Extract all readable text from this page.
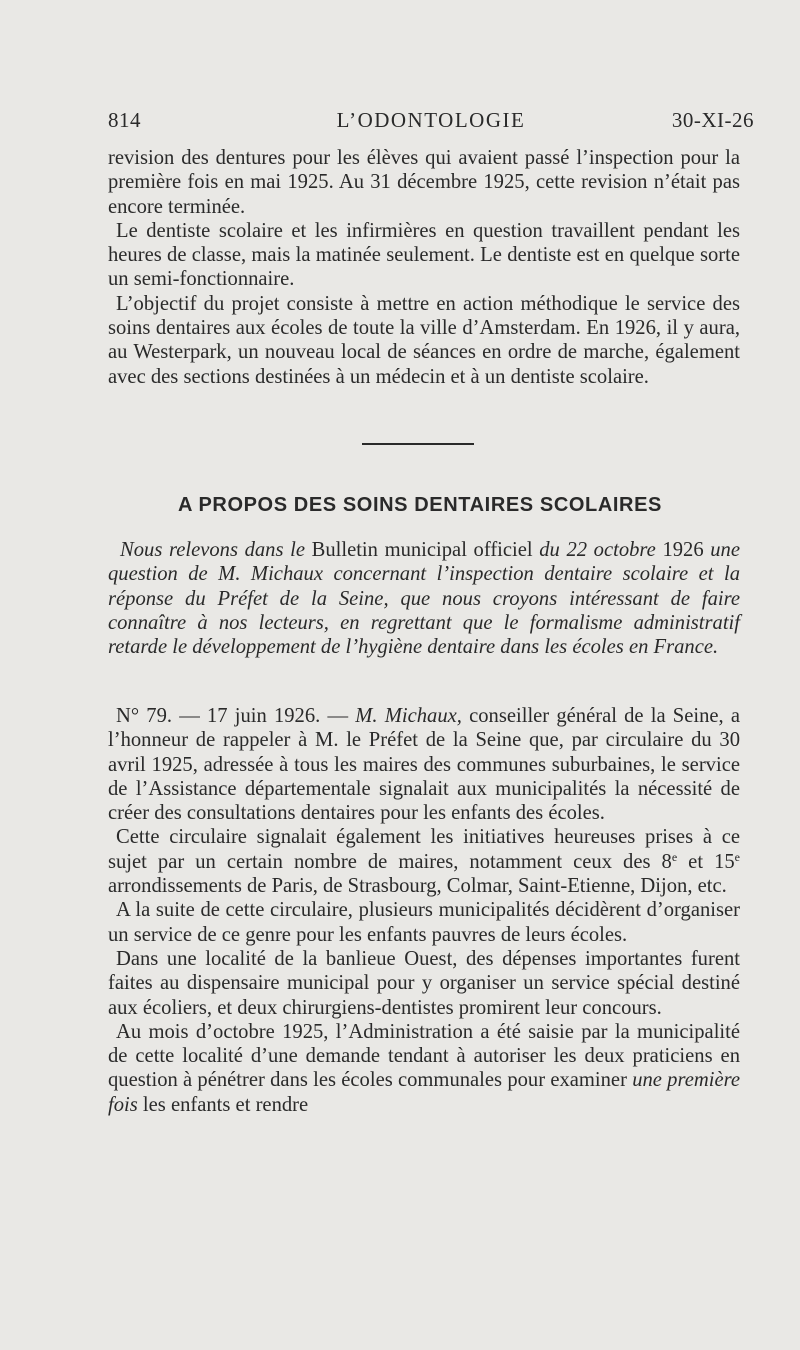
814	L’ODONTOLOGIE	30-XI-26

revision des dentures pour les élèves qui avaient passé l’inspection pour la première fois en mai 1925. Au 31 décembre 1925, cette revision n’était pas encore terminée.

Le dentiste scolaire et les infirmières en question travaillent pendant les heures de classe, mais la matinée seulement. Le dentiste est en quelque sorte un semi-fonctionnaire.

L’objectif du projet consiste à mettre en action méthodique le service des soins dentaires aux écoles de toute la ville d’Amsterdam. En 1926, il y aura, au Westerpark, un nouveau local de séances en ordre de marche, également avec des sections destinées à un médecin et à un dentiste scolaire.

A PROPOS DES SOINS DENTAIRES SCOLAIRES

Nous relevons dans le Bulletin municipal officiel du 22 octobre 1926 une question de M. Michaux concernant l’inspection dentaire scolaire et la réponse du Préfet de la Seine, que nous croyons intéressant de faire connaître à nos lecteurs, en regrettant que le formalisme administratif retarde le développement de l’hygiène dentaire dans les écoles en France.

N° 79. — 17 juin 1926. — M. Michaux, conseiller général de la Seine, a l’honneur de rappeler à M. le Préfet de la Seine que, par circulaire du 30 avril 1925, adressée à tous les maires des communes suburbaines, le service de l’Assistance départementale signalait aux municipalités la nécessité de créer des consultations dentaires pour les enfants des écoles.

Cette circulaire signalait également les initiatives heureuses prises à ce sujet par un certain nombre de maires, notamment ceux des 8e et 15e arrondissements de Paris, de Strasbourg, Colmar, Saint-Etienne, Dijon, etc.

A la suite de cette circulaire, plusieurs municipalités décidèrent d’organiser un service de ce genre pour les enfants pauvres de leurs écoles.

Dans une localité de la banlieue Ouest, des dépenses importantes furent faites au dispensaire municipal pour y organiser un service spécial destiné aux écoliers, et deux chirurgiens-dentistes promirent leur concours.

Au mois d’octobre 1925, l’Administration a été saisie par la municipalité de cette localité d’une demande tendant à autoriser les deux praticiens en question à pénétrer dans les écoles communales pour examiner une première fois les enfants et rendre
